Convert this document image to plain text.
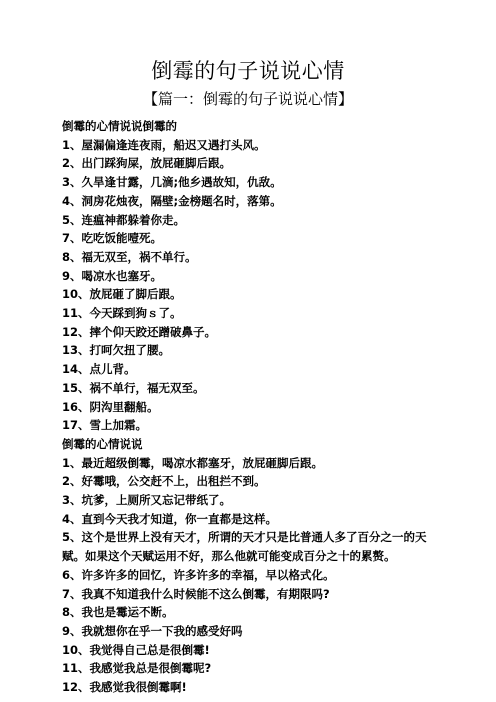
倒霉的句子说说心情
【篇一：倒霉的句子说说心情】

倒霉的心情说说倒霉的

1、屋漏偏逢连夜雨，船迟又遇打头风。

2、出门踩狗屎，放屁砸脚后跟。

3、久旱逢甘露，几滴;他乡遇故知，仇敌。

4、洞房花烛夜，隔壁;金榜题名时，落第。

5、连瘟神都躲着你走。

7、吃吃饭能噎死。

8、福无双至，祸不单行。

9、喝凉水也塞牙。

10、放屁砸了脚后跟。

11、今天踩到狗ｓ了。

12、摔个仰天跤还蹭破鼻子。

13、打呵欠扭了腰。

14、点儿背。

15、祸不单行，福无双至。

16、阴沟里翻船。

17、雪上加霜。

倒霉的心情说说

1、最近超级倒霉，喝凉水都塞牙，放屁砸脚后跟。

2、好霉哦，公交赶不上，出租拦不到。

3、坑爹，上厕所又忘记带纸了。

4、直到今天我才知道，你一直都是这样。

5、这个是世界上没有天才，所谓的天才只是比普通人多了百分之一的天赋。如果这个天赋运用不好，那么他就可能变成百分之十的累赘。

6、许多许多的回忆，许多许多的幸福，早以格式化。

7、我真不知道我什么时候能不这么倒霉，有期限吗?

8、我也是霉运不断。

9、我就想你在乎一下我的感受好吗

10、我觉得自己总是很倒霉!

11、我感觉我总是很倒霉呢?

12、我感觉我很倒霉啊!
